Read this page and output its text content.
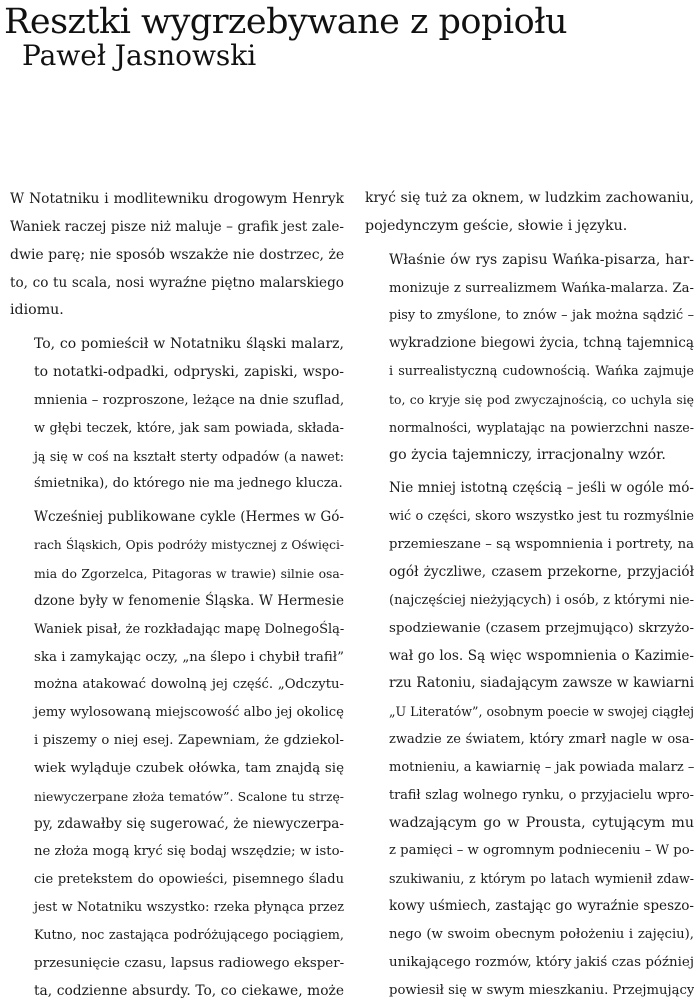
Resztki wygrzebywane z popiołu
Paweł Jasnowski

W Notatniku i modlitewniku drogowym Henryk
Waniek raczej pisze niż maluje – grafik jest zale-
dwie parę; nie sposób wszakże nie dostrzec, że
to, co tu scala, nosi wyraźne piętno malarskiego
idiomu.

To, co pomieścił w Notatniku śląski malarz,
to notatki-odpadki, odpryski, zapiski, wspo-
mnienia – rozproszone, leżące na dnie szuflad,
w głębi teczek, które, jak sam powiada, składa-
ją się w coś na kształt sterty odpadów (a nawet:
śmietnika), do którego nie ma jednego klucza.

Wcześniej publikowane cykle (Hermes w Gó-
rach Śląskich, Opis podróży mistycznej z Oświęci-
mia do Zgorzelca, Pitagoras w trawie) silnie osa-
dzone były w fenomenie Śląska. W Hermesie
Waniek pisał, że rozkładając mapę DolnegoŚlą-
ska i zamykając oczy, „na ślepo i chybił trafił”
można atakować dowolną jej część. „Odczytu-
jemy wylosowaną miejscowość albo jej okolicę
i piszemy o niej esej. Zapewniam, że gdziekol-
wiek wyląduje czubek ołówka, tam znajdą się
niewyczerpane złoża tematów”. Scalone tu strzę-
py, zdawałby się sugerować, że niewyczerpa-
ne złoża mogą kryć się bodaj wszędzie; w isto-
cie pretekstem do opowieści, pisemnego śladu
jest w Notatniku wszystko: rzeka płynąca przez
Kutno, noc zastająca podróżującego pociągiem,
przesunięcie czasu, lapsus radiowego eksper-
ta, codzienne absurdy. To, co ciekawe, może

kryć się tuż za oknem, w ludzkim zachowaniu,
pojedynczym geście, słowie i języku.

Właśnie ów rys zapisu Wańka-pisarza, har-
monizuje z surrealizmem Wańka-malarza. Za-
pisy to zmyślone, to znów – jak można sądzić –
wykradzione biegowi życia, tchną tajemnicą
i surrealistyczną cudownością. Wańka zajmuje
to, co kryje się pod zwyczajnością, co uchyla się
normalności, wyplatając na powierzchni nasze-
go życia tajemniczy, irracjonalny wzór.

Nie mniej istotną częścią – jeśli w ogóle mó-
wić o części, skoro wszystko jest tu rozmyślnie
przemieszane – są wspomnienia i portrety, na
ogół życzliwe, czasem przekorne, przyjaciół
(najczęściej nieżyjących) i osób, z którymi nie-
spodziewanie (czasem przejmująco) skrzyżo-
wał go los. Są więc wspomnienia o Kazimie-
rzu Ratoniu, siadającym zawsze w kawiarni
„U Literatów”, osobnym poecie w swojej ciągłej
zwadzie ze światem, który zmarł nagle w osa-
motnieniu, a kawiarnię – jak powiada malarz –
trafił szlag wolnego rynku, o przyjacielu wpro-
wadzającym go w Prousta, cytującym mu
z pamięci – w ogromnym podnieceniu – W po-
szukiwaniu, z którym po latach wymienił zdaw-
kowy uśmiech, zastając go wyraźnie speszo-
nego (w swoim obecnym położeniu i zajęciu),
unikającego rozmów, który jakiś czas później
powiesił się w swym mieszkaniu. Przejmujący
